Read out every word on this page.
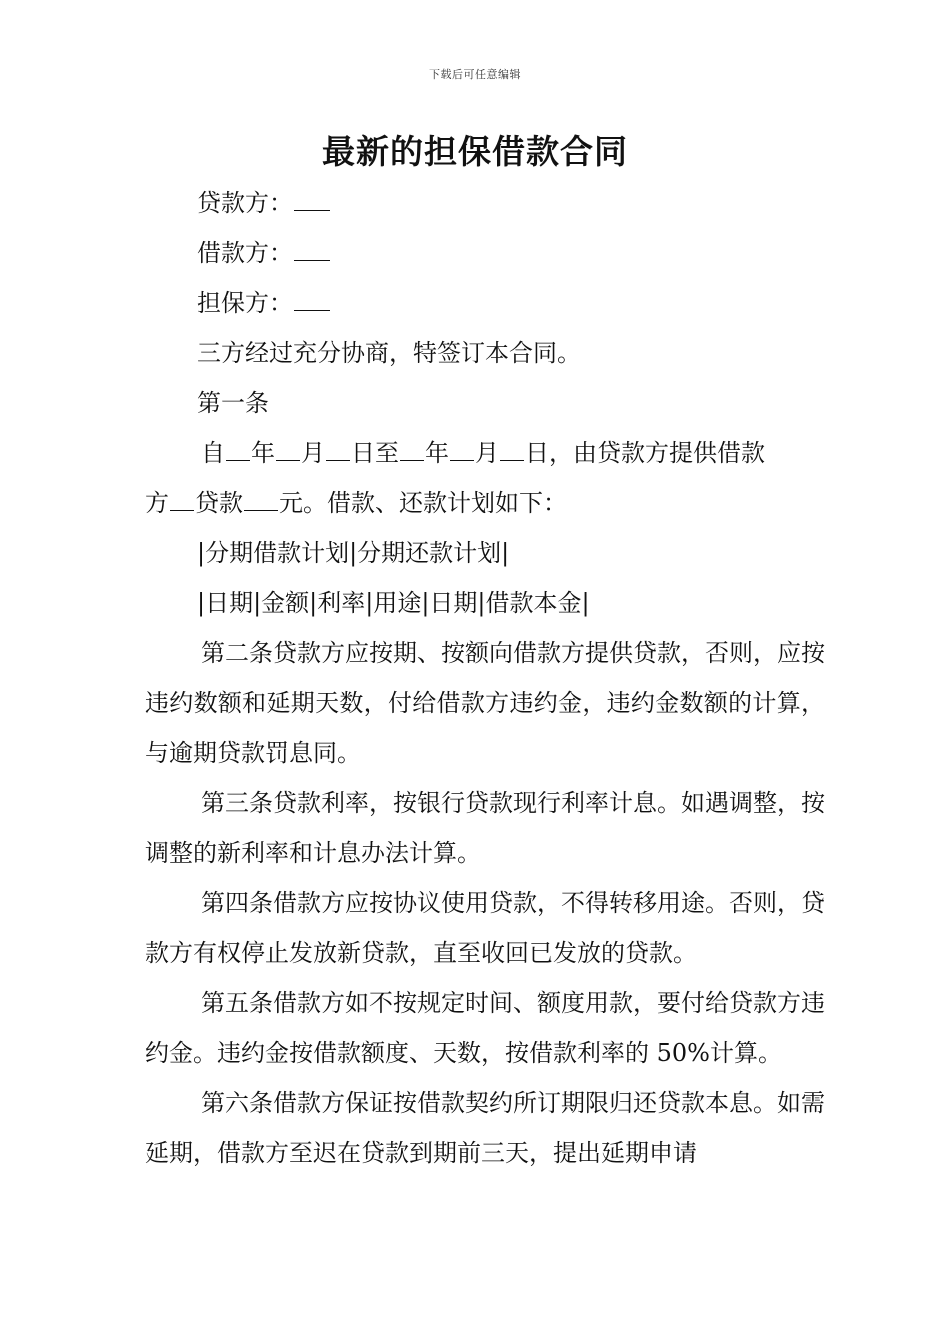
下载后可任意编辑
最新的担保借款合同

贷款方：

借款方：

担保方：

三方经过充分协商，特签订本合同。

第一条

自 年 月 日至 年 月 日，由贷款方提供借款
方 贷款 元。借款、还款计划如下：

|分期借款计划|分期还款计划|

|日期|金额|利率|用途|日期|借款本金|

第二条贷款方应按期、按额向借款方提供贷款，否则，应按违约数额和延期天数，付给借款方违约金，违约金数额的计算，与逾期贷款罚息同。

第三条贷款利率，按银行贷款现行利率计息。如遇调整，按调整的新利率和计息办法计算。

第四条借款方应按协议使用贷款，不得转移用途。否则，贷款方有权停止发放新贷款，直至收回已发放的贷款。

第五条借款方如不按规定时间、额度用款，要付给贷款方违约金。违约金按借款额度、天数，按借款利率的 50%计算。

第六条借款方保证按借款契约所订期限归还贷款本息。如需延期，借款方至迟在贷款到期前三天，提出延期申请
